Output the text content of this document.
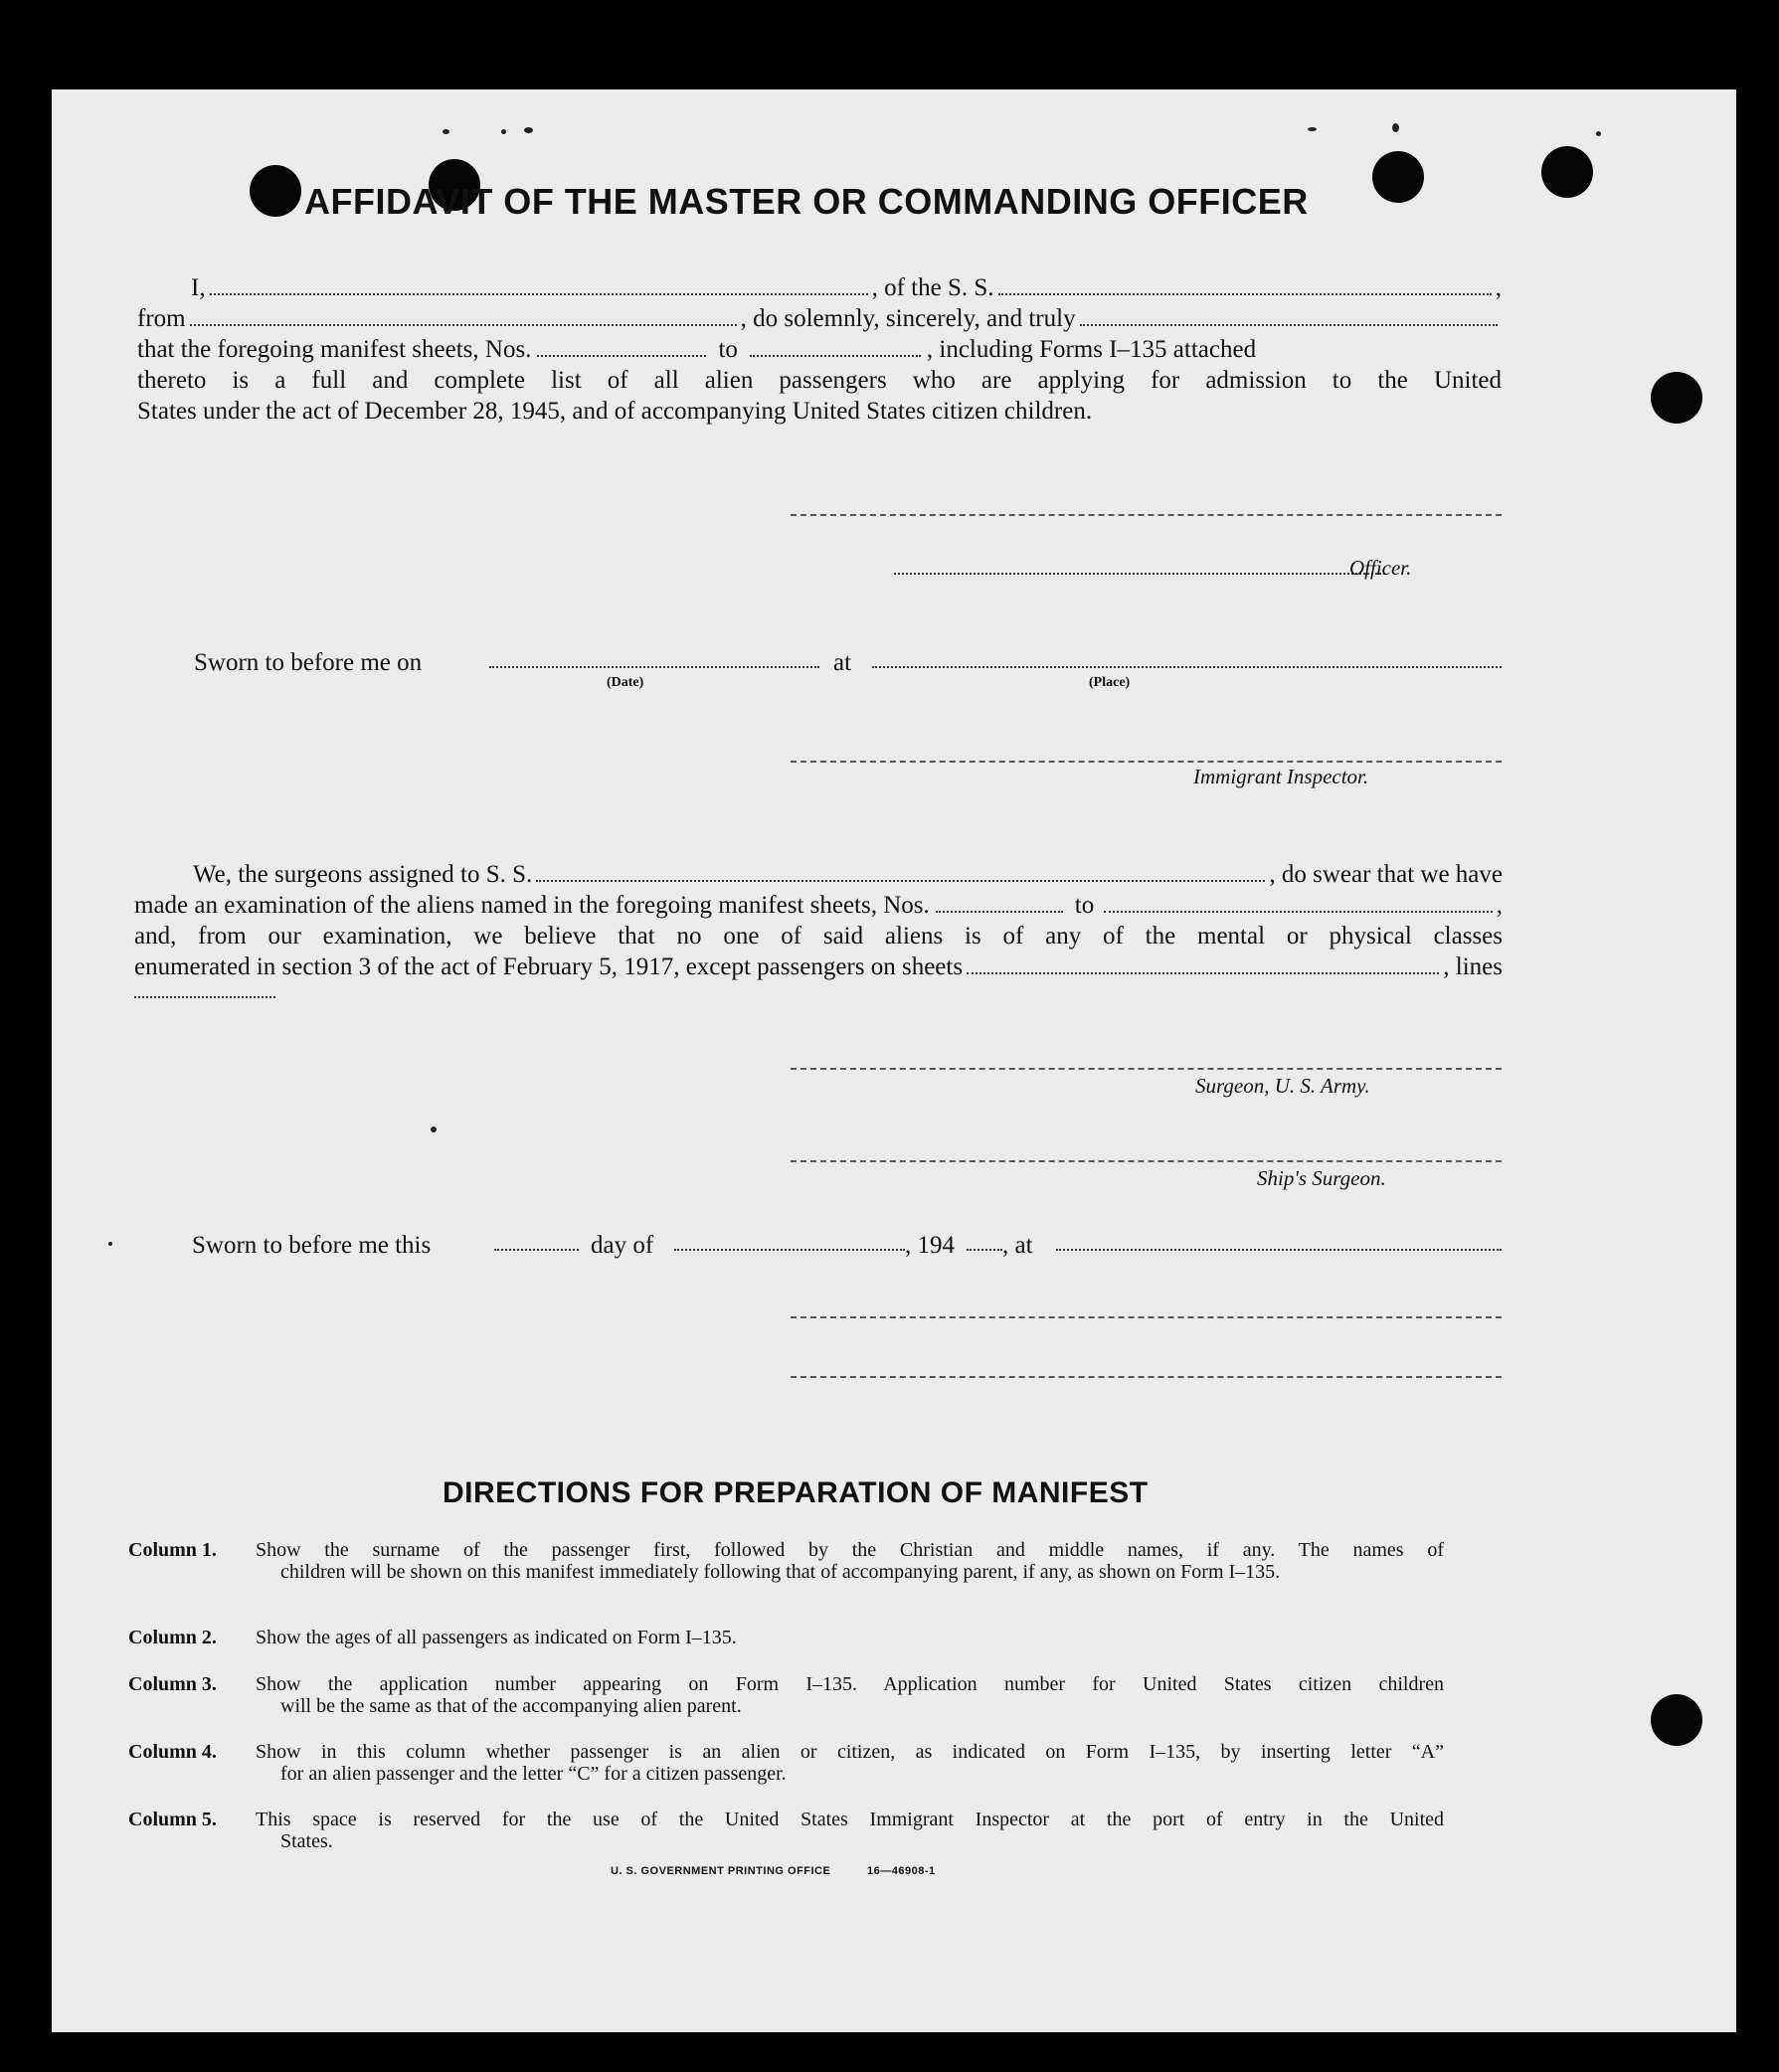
AFFIDAVIT OF THE MASTER OR COMMANDING OFFICER
I,	, of the S. S.	,
from	, do solemnly, sincerely, and truly
that the foregoing manifest sheets, Nos.	to	, including Forms I–135 attached
thereto is a full and complete list of all alien passengers who are applying for admission to the United
States under the act of December 28, 1945, and of accompanying United States citizen children.
Officer.
Sworn to before me on	at
(Date)	(Place)
Immigrant Inspector.
We, the surgeons assigned to S. S.	, do swear that we have
made an examination of the aliens named in the foregoing manifest sheets, Nos.	to	,
and, from our examination, we believe that no one of said aliens is of any of the mental or physical classes
enumerated in section 3 of the act of February 5, 1917, except passengers on sheets	, lines
Surgeon, U. S. Army.
Ship's Surgeon.
Sworn to before me this	day of	, 194 , at
DIRECTIONS FOR PREPARATION OF MANIFEST
Column 1.	Show the surname of the passenger first, followed by the Christian and middle names, if any. The names of
children will be shown on this manifest immediately following that of accompanying parent, if any, as shown on Form I–135.
Column 2.	Show the ages of all passengers as indicated on Form I–135.
Column 3.	Show the application number appearing on Form I–135. Application number for United States citizen children
will be the same as that of the accompanying alien parent.
Column 4.	Show in this column whether passenger is an alien or citizen, as indicated on Form I–135, by inserting letter “A”
for an alien passenger and the letter “C” for a citizen passenger.
Column 5.	This space is reserved for the use of the United States Immigrant Inspector at the port of entry in the United
States.
U. S. GOVERNMENT PRINTING OFFICE	16—46908-1
